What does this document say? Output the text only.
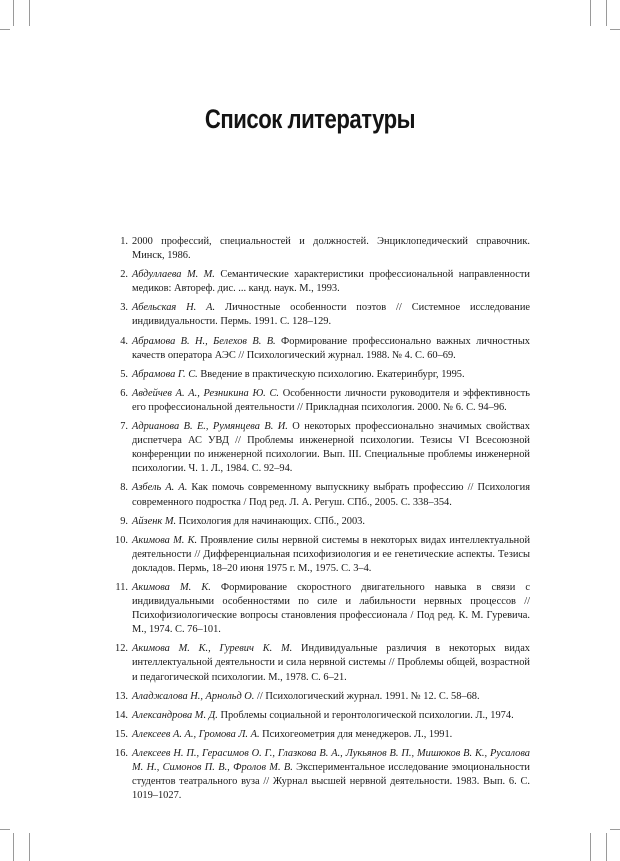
Список литературы
1. 2000 профессий, специальностей и должностей. Энциклопедический справочник. Минск, 1986.
2. Абдуллаева М. М. Семантические характеристики профессиональной направленности медиков: Автореф. дис. ... канд. наук. М., 1993.
3. Абельская Н. А. Личностные особенности поэтов // Системное исследование индивидуальности. Пермь. 1991. С. 128–129.
4. Абрамова В. Н., Белехов В. В. Формирование профессионально важных личностных качеств оператора АЭС // Психологический журнал. 1988. № 4. С. 60–69.
5. Абрамова Г. С. Введение в практическую психологию. Екатеринбург, 1995.
6. Авдейчев А. А., Резникина Ю. С. Особенности личности руководителя и эффективность его профессиональной деятельности // Прикладная психология. 2000. № 6. С. 94–96.
7. Адрианова В. Е., Румянцева В. И. О некоторых профессионально значимых свойствах диспетчера АС УВД // Проблемы инженерной психологии. Тезисы VI Всесоюзной конференции по инженерной психологии. Вып. III. Специальные проблемы инженерной психологии. Ч. 1. Л., 1984. С. 92–94.
8. Азбель А. А. Как помочь современному выпускнику выбрать профессию // Психология современного подростка / Под ред. Л. А. Регуш. СПб., 2005. С. 338–354.
9. Айзенк М. Психология для начинающих. СПб., 2003.
10. Акимова М. К. Проявление силы нервной системы в некоторых видах интеллектуальной деятельности // Дифференциальная психофизиология и ее генетические аспекты. Тезисы докладов. Пермь, 18–20 июня 1975 г. М., 1975. С. 3–4.
11. Акимова М. К. Формирование скоростного двигательного навыка в связи с индивидуальными особенностями по силе и лабильности нервных процессов // Психофизиологические вопросы становления профессионала / Под ред. К. М. Гуревича. М., 1974. С. 76–101.
12. Акимова М. К., Гуревич К. М. Индивидуальные различия в некоторых видах интеллектуальной деятельности и сила нервной системы // Проблемы общей, возрастной и педагогической психологии. М., 1978. С. 6–21.
13. Аладжалова Н., Арнольд О. // Психологический журнал. 1991. № 12. С. 58–68.
14. Александрова М. Д. Проблемы социальной и геронтологической психологии. Л., 1974.
15. Алексеев А. А., Громова Л. А. Психогеометрия для менеджеров. Л., 1991.
16. Алексеев Н. П., Герасимов О. Г., Глазкова В. А., Лукьянов В. П., Мишюков В. К., Русалова М. Н., Симонов П. В., Фролов М. В. Экспериментальное исследование эмоциональности студентов театрального вуза // Журнал высшей нервной деятельности. 1983. Вып. 6. С. 1019–1027.
